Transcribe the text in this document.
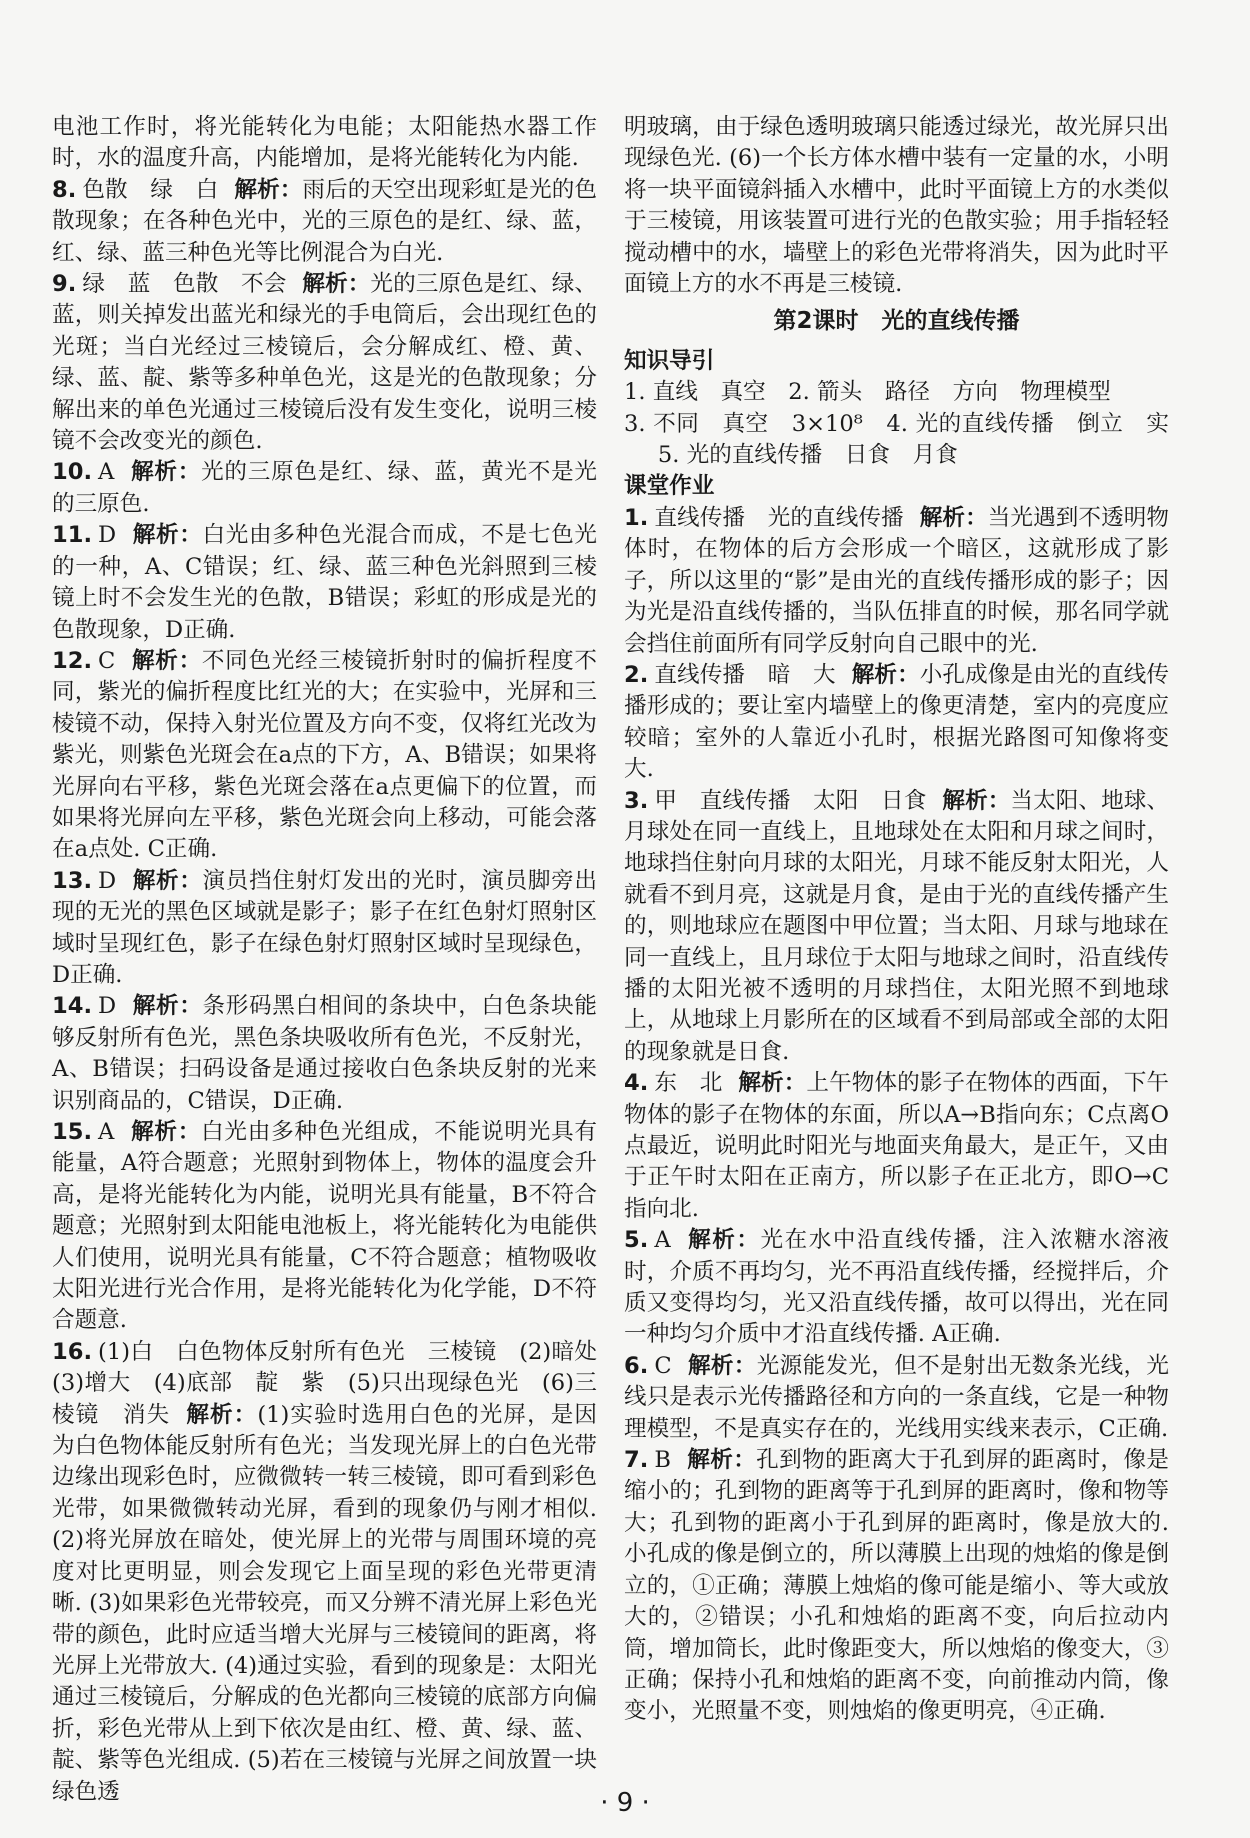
电池工作时，将光能转化为电能；太阳能热水器工作时，水的温度升高，内能增加，是将光能转化为内能.

8. 色散　绿　白 解析：雨后的天空出现彩虹是光的色散现象；在各种色光中，光的三原色的是红、绿、蓝，红、绿、蓝三种色光等比例混合为白光.

9. 绿　蓝　色散　不会 解析：光的三原色是红、绿、蓝，则关掉发出蓝光和绿光的手电筒后，会出现红色的光斑；当白光经过三棱镜后，会分解成红、橙、黄、绿、蓝、靛、紫等多种单色光，这是光的色散现象；分解出来的单色光通过三棱镜后没有发生变化，说明三棱镜不会改变光的颜色.

10. A 解析：光的三原色是红、绿、蓝，黄光不是光的三原色.

11. D 解析：白光由多种色光混合而成，不是七色光的一种，A、C错误；红、绿、蓝三种色光斜照到三棱镜上时不会发生光的色散，B错误；彩虹的形成是光的色散现象，D正确.

12. C 解析：不同色光经三棱镜折射时的偏折程度不同，紫光的偏折程度比红光的大；在实验中，光屏和三棱镜不动，保持入射光位置及方向不变，仅将红光改为紫光，则紫色光斑会在a点的下方，A、B错误；如果将光屏向右平移，紫色光斑会落在a点更偏下的位置，而如果将光屏向左平移，紫色光斑会向上移动，可能会落在a点处. C正确.

13. D 解析：演员挡住射灯发出的光时，演员脚旁出现的无光的黑色区域就是影子；影子在红色射灯照射区域时呈现红色，影子在绿色射灯照射区域时呈现绿色，D正确.

14. D 解析：条形码黑白相间的条块中，白色条块能够反射所有色光，黑色条块吸收所有色光，不反射光，A、B错误；扫码设备是通过接收白色条块反射的光来识别商品的，C错误，D正确.

15. A 解析：白光由多种色光组成，不能说明光具有能量，A符合题意；光照射到物体上，物体的温度会升高，是将光能转化为内能，说明光具有能量，B不符合题意；光照射到太阳能电池板上，将光能转化为电能供人们使用，说明光具有能量，C不符合题意；植物吸收太阳光进行光合作用，是将光能转化为化学能，D不符合题意.

16. (1)白　白色物体反射所有色光　三棱镜　(2)暗处　(3)增大　(4)底部　靛　紫　(5)只出现绿色光　(6)三棱镜　消失 解析：(1)实验时选用白色的光屏，是因为白色物体能反射所有色光；当发现光屏上的白色光带边缘出现彩色时，应微微转一转三棱镜，即可看到彩色光带，如果微微转动光屏，看到的现象仍与刚才相似. (2)将光屏放在暗处，使光屏上的光带与周围环境的亮度对比更明显，则会发现它上面呈现的彩色光带更清晰. (3)如果彩色光带较亮，而又分辨不清光屏上彩色光带的颜色，此时应适当增大光屏与三棱镜间的距离，将光屏上光带放大. (4)通过实验，看到的现象是：太阳光通过三棱镜后，分解成的色光都向三棱镜的底部方向偏折，彩色光带从上到下依次是由红、橙、黄、绿、蓝、靛、紫等色光组成. (5)若在三棱镜与光屏之间放置一块绿色透

明玻璃，由于绿色透明玻璃只能透过绿光，故光屏只出现绿色光. (6)一个长方体水槽中装有一定量的水，小明将一块平面镜斜插入水槽中，此时平面镜上方的水类似于三棱镜，用该装置可进行光的色散实验；用手指轻轻搅动槽中的水，墙壁上的彩色光带将消失，因为此时平面镜上方的水不再是三棱镜.

第2课时　光的直线传播

知识导引

1. 直线　真空　2. 箭头　路径　方向　物理模型

3. 不同　真空　3×10⁸　4. 光的直线传播　倒立　实　5. 光的直线传播　日食　月食

课堂作业

1. 直线传播　光的直线传播 解析：当光遇到不透明物体时，在物体的后方会形成一个暗区，这就形成了影子，所以这里的“影”是由光的直线传播形成的影子；因为光是沿直线传播的，当队伍排直的时候，那名同学就会挡住前面所有同学反射向自己眼中的光.

2. 直线传播　暗　大 解析：小孔成像是由光的直线传播形成的；要让室内墙壁上的像更清楚，室内的亮度应较暗；室外的人靠近小孔时，根据光路图可知像将变大.

3. 甲　直线传播　太阳　日食 解析：当太阳、地球、月球处在同一直线上，且地球处在太阳和月球之间时，地球挡住射向月球的太阳光，月球不能反射太阳光，人就看不到月亮，这就是月食，是由于光的直线传播产生的，则地球应在题图中甲位置；当太阳、月球与地球在同一直线上，且月球位于太阳与地球之间时，沿直线传播的太阳光被不透明的月球挡住，太阳光照不到地球上，从地球上月影所在的区域看不到局部或全部的太阳的现象就是日食.

4. 东　北 解析：上午物体的影子在物体的西面，下午物体的影子在物体的东面，所以A→B指向东；C点离O点最近，说明此时阳光与地面夹角最大，是正午，又由于正午时太阳在正南方，所以影子在正北方，即O→C指向北.

5. A 解析：光在水中沿直线传播，注入浓糖水溶液时，介质不再均匀，光不再沿直线传播，经搅拌后，介质又变得均匀，光又沿直线传播，故可以得出，光在同一种均匀介质中才沿直线传播. A正确.

6. C 解析：光源能发光，但不是射出无数条光线，光线只是表示光传播路径和方向的一条直线，它是一种物理模型，不是真实存在的，光线用实线来表示，C正确.

7. B 解析：孔到物的距离大于孔到屏的距离时，像是缩小的；孔到物的距离等于孔到屏的距离时，像和物等大；孔到物的距离小于孔到屏的距离时，像是放大的. 小孔成的像是倒立的，所以薄膜上出现的烛焰的像是倒立的，①正确；薄膜上烛焰的像可能是缩小、等大或放大的，②错误；小孔和烛焰的距离不变，向后拉动内筒，增加筒长，此时像距变大，所以烛焰的像变大，③正确；保持小孔和烛焰的距离不变，向前推动内筒，像变小，光照量不变，则烛焰的像更明亮，④正确.

· 9 ·
